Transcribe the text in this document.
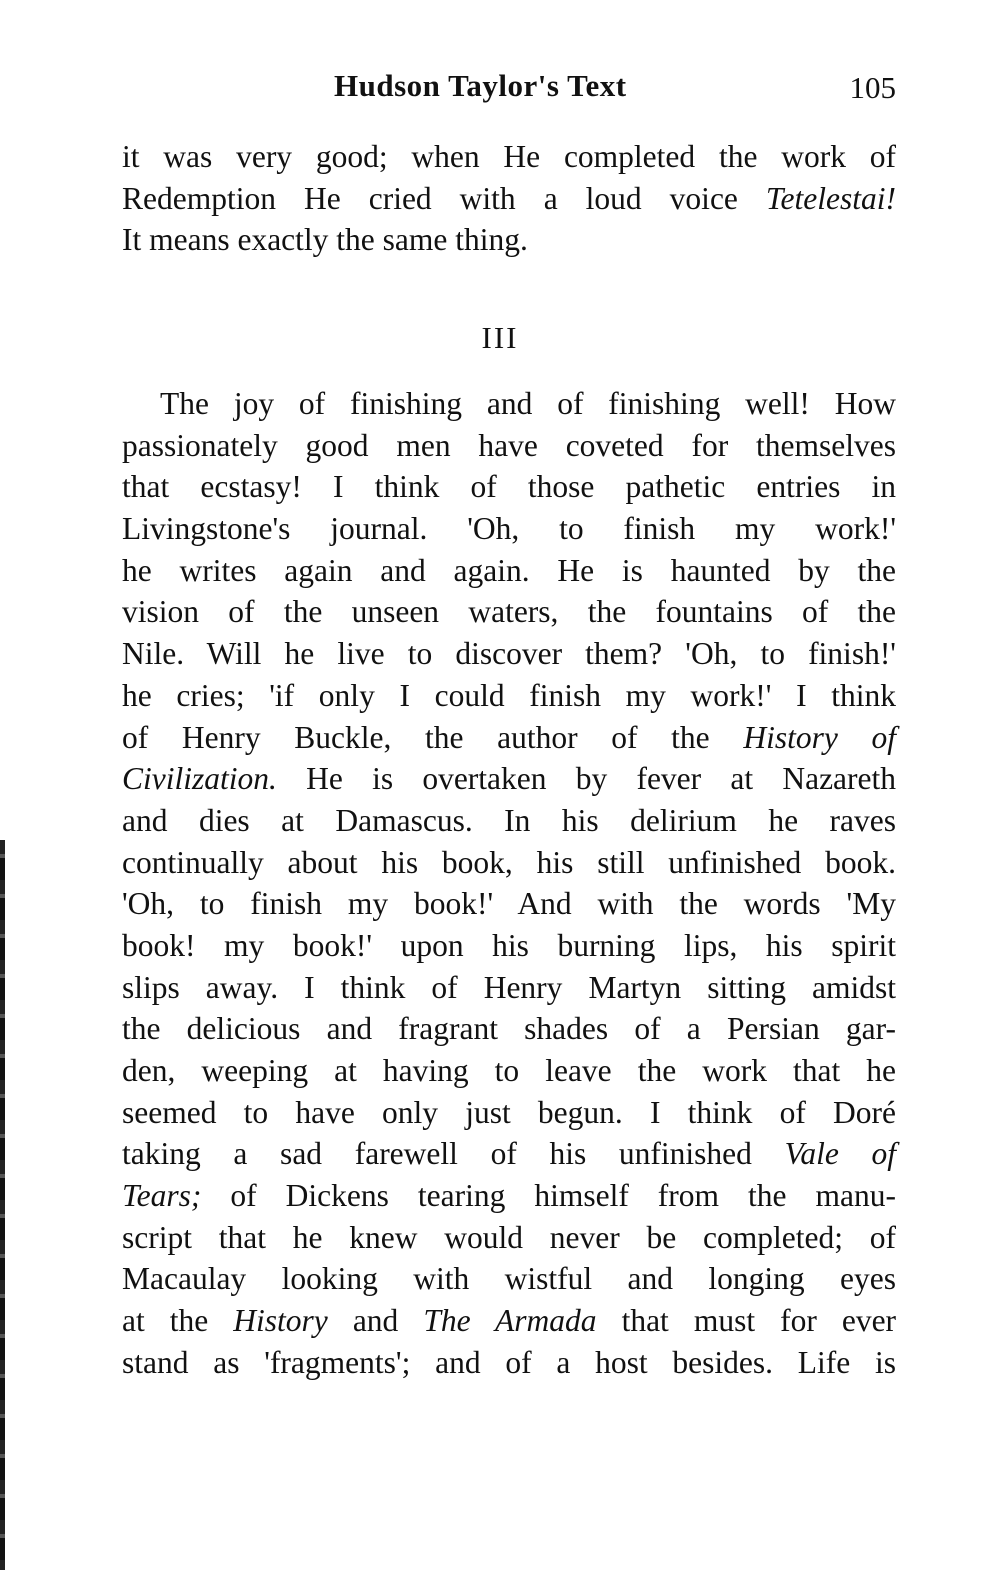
Hudson Taylor's Text	105
it was very good; when He completed the work of
Redemption He cried with a loud voice Tetelestai!
It means exactly the same thing.
III
The joy of finishing and of finishing well! How
passionately good men have coveted for themselves
that ecstasy! I think of those pathetic entries in
Livingstone's journal. 'Oh, to finish my work!'
he writes again and again. He is haunted by the
vision of the unseen waters, the fountains of the
Nile. Will he live to discover them? 'Oh, to finish!'
he cries; 'if only I could finish my work!' I think
of Henry Buckle, the author of the History of
Civilization. He is overtaken by fever at Nazareth
and dies at Damascus. In his delirium he raves
continually about his book, his still unfinished book.
'Oh, to finish my book!' And with the words 'My
book! my book!' upon his burning lips, his spirit
slips away. I think of Henry Martyn sitting amidst
the delicious and fragrant shades of a Persian gar-
den, weeping at having to leave the work that he
seemed to have only just begun. I think of Doré
taking a sad farewell of his unfinished Vale of
Tears; of Dickens tearing himself from the manu-
script that he knew would never be completed; of
Macaulay looking with wistful and longing eyes
at the History and The Armada that must for ever
stand as 'fragments'; and of a host besides. Life is
